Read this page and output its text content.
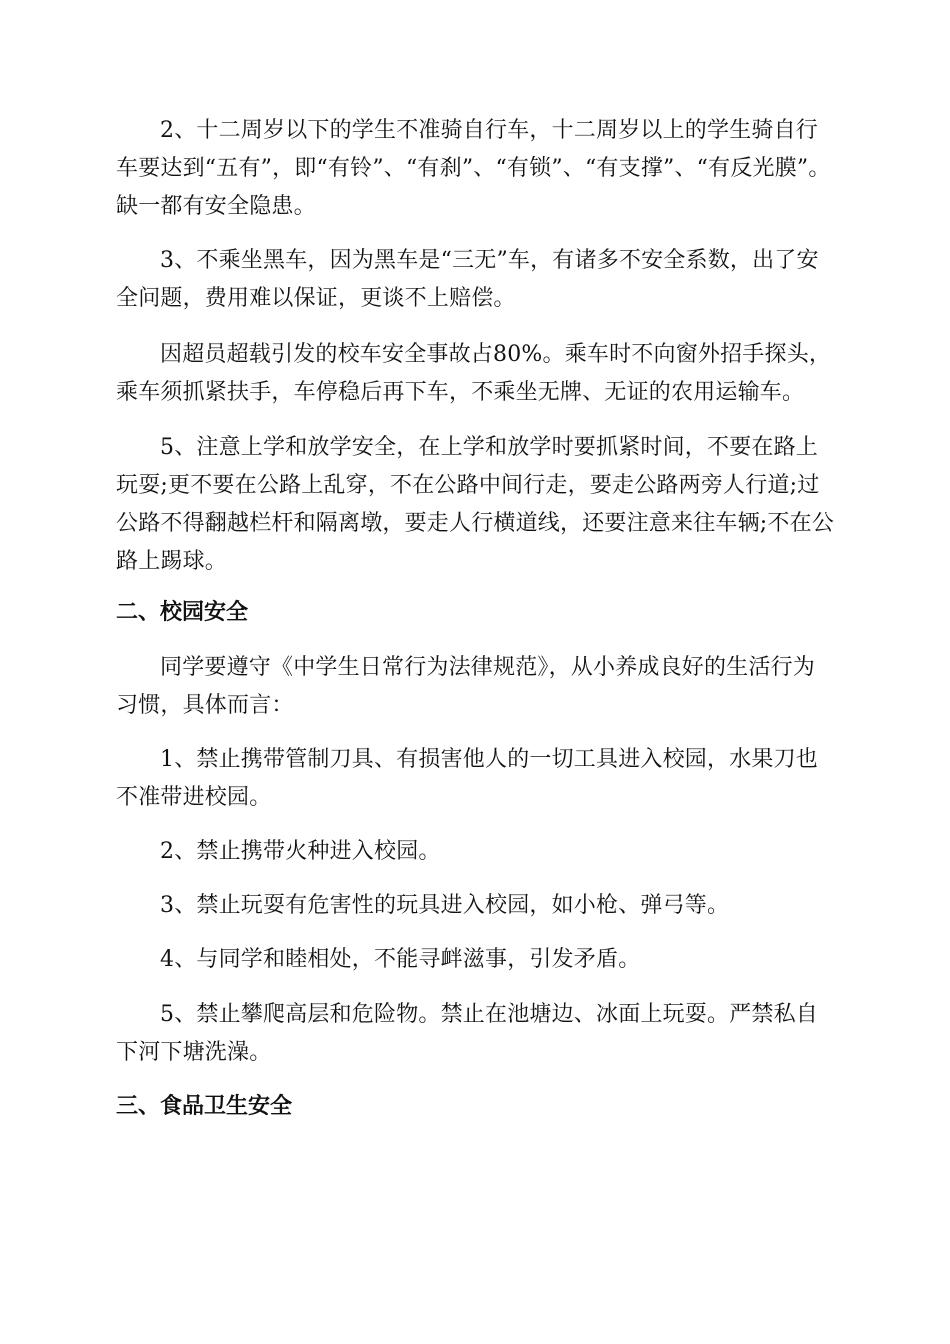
2、十二周岁以下的学生不准骑自行车，十二周岁以上的学生骑自行车要达到“五有”，即“有铃”、“有刹”、“有锁”、“有支撑”、“有反光膜”。缺一都有安全隐患。

3、不乘坐黑车，因为黑车是“三无”车，有诸多不安全系数，出了安全问题，费用难以保证，更谈不上赔偿。

因超员超载引发的校车安全事故占80%。乘车时不向窗外招手探头，乘车须抓紧扶手，车停稳后再下车，不乘坐无牌、无证的农用运输车。

5、注意上学和放学安全，在上学和放学时要抓紧时间，不要在路上玩耍;更不要在公路上乱穿，不在公路中间行走，要走公路两旁人行道;过公路不得翻越栏杆和隔离墩，要走人行横道线，还要注意来往车辆;不在公路上踢球。

二、校园安全

同学要遵守《中学生日常行为法律规范》，从小养成良好的生活行为习惯，具体而言：

1、禁止携带管制刀具、有损害他人的一切工具进入校园，水果刀也不准带进校园。

2、禁止携带火种进入校园。

3、禁止玩耍有危害性的玩具进入校园，如小枪、弹弓等。

4、与同学和睦相处，不能寻衅滋事，引发矛盾。

5、禁止攀爬高层和危险物。禁止在池塘边、冰面上玩耍。严禁私自下河下塘洗澡。

三、食品卫生安全
